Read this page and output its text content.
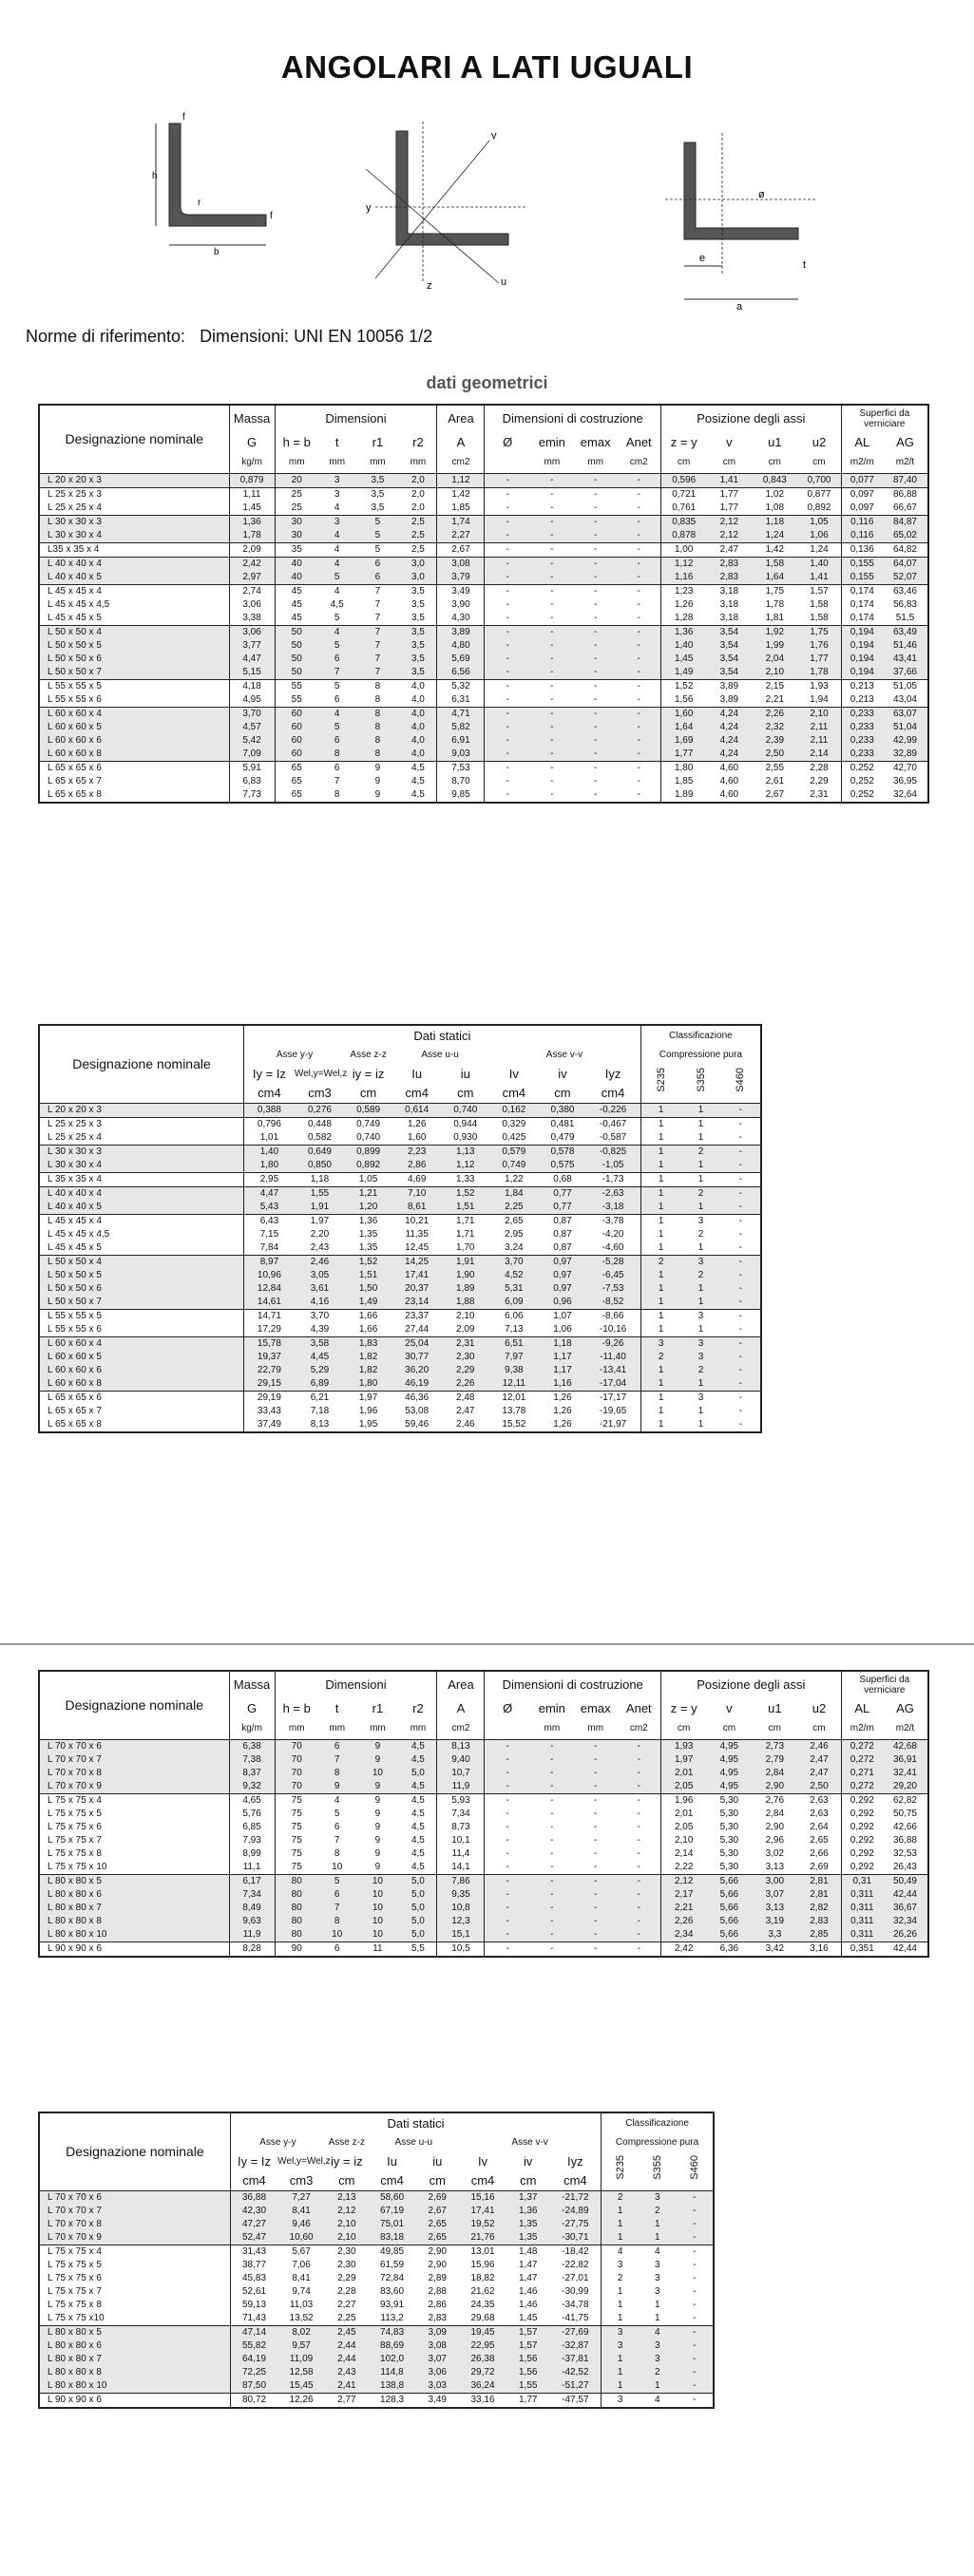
ANGOLARI A LATI UGUALI
h
f
r
f
b
y
z
v
u
a
e
ø
t
Norme di riferimento: Dimensioni: UNI EN 10056 1/2
dati geometrici
Designazione nominale	Massa	Dimensioni				Area	Dimensioni di costruzione				Posizione degli assi				Superfici da verniciare	
	G	h = b	t	r1	r2	A	Ø	emin	emax	Anet	z = y	v	u1	u2	AL	AG
	kg/m	mm	mm	mm	mm	cm2		mm	mm	cm2	cm	cm	cm	cm	m2/m	m2/t
L 20 x 20 x 3	0,879	20	3	3,5	2,0	1,12	-	-	-	-	0,596	1,41	0,843	0,700	0,077	87,40
L 25 x 25 x 3	1,11	25	3	3,5	2,0	1,42	-	-	-	-	0,721	1,77	1,02	0,877	0,097	86,88
L 25 x 25 x 4	1,45	25	4	3,5	2,0	1,85	-	-	-	-	0,761	1,77	1,08	0,892	0,097	66,67
L 30 x 30 x 3	1,36	30	3	5	2,5	1,74	-	-	-	-	0,835	2,12	1,18	1,05	0,116	84,87
L 30 x 30 x 4	1,78	30	4	5	2,5	2,27	-	-	-	-	0,878	2,12	1,24	1,06	0,116	65,02
L35 x 35 x 4	2,09	35	4	5	2,5	2,67	-	-	-	-	1,00	2,47	1,42	1,24	0,136	64,82
L 40 x 40 x 4	2,42	40	4	6	3,0	3,08	-	-	-	-	1,12	2,83	1,58	1,40	0,155	64,07
L 40 x 40 x 5	2,97	40	5	6	3,0	3,79	-	-	-	-	1,16	2,83	1,64	1,41	0,155	52,07
L 45 x 45 x 4	2,74	45	4	7	3,5	3,49	-	-	-	-	1,23	3,18	1,75	1,57	0,174	63,46
L 45 x 45 x 4,5	3,06	45	4,5	7	3,5	3,90	-	-	-	-	1,26	3,18	1,78	1,58	0,174	56,83
L 45 x 45 x 5	3,38	45	5	7	3,5	4,30	-	-	-	-	1,28	3,18	1,81	1,58	0,174	51,5
L 50 x 50 x 4	3,06	50	4	7	3,5	3,89	-	-	-	-	1,36	3,54	1,92	1,75	0,194	63,49
L 50 x 50 x 5	3,77	50	5	7	3,5	4,80	-	-	-	-	1,40	3,54	1,99	1,76	0,194	51,46
L 50 x 50 x 6	4,47	50	6	7	3,5	5,69	-	-	-	-	1,45	3,54	2,04	1,77	0,194	43,41
L 50 x 50 x 7	5,15	50	7	7	3,5	6,56	-	-	-	-	1,49	3,54	2,10	1,78	0,194	37,66
L 55 x 55 x 5	4,18	55	5	8	4,0	5,32	-	-	-	-	1,52	3,89	2,15	1,93	0,213	51,05
L 55 x 55 x 6	4,95	55	6	8	4,0	6,31	-	-	-	-	1,56	3,89	2,21	1,94	0,213	43,04
L 60 x 60 x 4	3,70	60	4	8	4,0	4,71	-	-	-	-	1,60	4,24	2,26	2,10	0,233	63,07
L 60 x 60 x 5	4,57	60	5	8	4,0	5,82	-	-	-	-	1,64	4,24	2,32	2,11	0,233	51,04
L 60 x 60 x 6	5,42	60	6	8	4,0	6,91	-	-	-	-	1,69	4,24	2,39	2,11	0,233	42,99
L 60 x 60 x 8	7,09	60	8	8	4,0	9,03	-	-	-	-	1,77	4,24	2,50	2,14	0,233	32,89
L 65 x 65 x 6	5,91	65	6	9	4,5	7,53	-	-	-	-	1,80	4,60	2,55	2,28	0,252	42,70
L 65 x 65 x 7	6,83	65	7	9	4,5	8,70	-	-	-	-	1,85	4,60	2,61	2,29	0,252	36,95
L 65 x 65 x 8	7,73	65	8	9	4,5	9,85	-	-	-	-	1,89	4,60	2,67	2,31	0,252	32,64
Designazione nominale	Dati statici								Classificazione		
	Asse y-y		Asse z-z	Asse u-u		Asse v-v			Compressione pura		
	Iy = Iz	Wel,y=Wel,z	iy = iz	Iu	iu	Iv	iv	Iyz	S235	S355	S460
	cm4	cm3	cm	cm4	cm	cm4	cm	cm4			
L 20 x 20 x 3	0,388	0,276	0,589	0,614	0,740	0,162	0,380	-0,226	1	1	-
L 25 x 25 x 3	0,796	0,448	0,749	1,26	0,944	0,329	0,481	-0,467	1	1	-
L 25 x 25 x 4	1,01	0,582	0,740	1,60	0,930	0,425	0,479	-0,587	1	1	-
L 30 x 30 x 3	1,40	0,649	0,899	2,23	1,13	0,579	0,578	-0,825	1	2	-
L 30 x 30 x 4	1,80	0,850	0,892	2,86	1,12	0,749	0,575	-1,05	1	1	-
L 35 x 35 x 4	2,95	1,18	1,05	4,69	1,33	1,22	0,68	-1,73	1	1	-
L 40 x 40 x 4	4,47	1,55	1,21	7,10	1,52	1,84	0,77	-2,63	1	2	-
L 40 x 40 x 5	5,43	1,91	1,20	8,61	1,51	2,25	0,77	-3,18	1	1	-
L 45 x 45 x 4	6,43	1,97	1,36	10,21	1,71	2,65	0,87	-3,78	1	3	-
L 45 x 45 x 4,5	7,15	2,20	1,35	11,35	1,71	2,95	0,87	-4,20	1	2	-
L 45 x 45 x 5	7,84	2,43	1,35	12,45	1,70	3,24	0,87	-4,60	1	1	-
L 50 x 50 x 4	8,97	2,46	1,52	14,25	1,91	3,70	0,97	-5,28	2	3	-
L 50 x 50 x 5	10,96	3,05	1,51	17,41	1,90	4,52	0,97	-6,45	1	2	-
L 50 x 50 x 6	12,84	3,61	1,50	20,37	1,89	5,31	0,97	-7,53	1	1	-
L 50 x 50 x 7	14,61	4,16	1,49	23,14	1,88	6,09	0,96	-8,52	1	1	-
L 55 x 55 x 5	14,71	3,70	1,66	23,37	2,10	6,06	1,07	-8,66	1	3	-
L 55 x 55 x 6	17,29	4,39	1,66	27,44	2,09	7,13	1,06	-10,16	1	1	-
L 60 x 60 x 4	15,78	3,58	1,83	25,04	2,31	6,51	1,18	-9,26	3	3	-
L 60 x 60 x 5	19,37	4,45	1,82	30,77	2,30	7,97	1,17	-11,40	2	3	-
L 60 x 60 x 6	22,79	5,29	1,82	36,20	2,29	9,38	1,17	-13,41	1	2	-
L 60 x 60 x 8	29,15	6,89	1,80	46,19	2,26	12,11	1,16	-17,04	1	1	-
L 65 x 65 x 6	29,19	6,21	1,97	46,36	2,48	12,01	1,26	-17,17	1	3	-
L 65 x 65 x 7	33,43	7,18	1,96	53,08	2,47	13,78	1,26	-19,65	1	1	-
L 65 x 65 x 8	37,49	8,13	1,95	59,46	2,46	15,52	1,26	-21,97	1	1	-
Designazione nominale	Massa	Dimensioni				Area	Dimensioni di costruzione				Posizione degli assi				Superfici da verniciare	
	G	h = b	t	r1	r2	A	Ø	emin	emax	Anet	z = y	v	u1	u2	AL	AG
	kg/m	mm	mm	mm	mm	cm2		mm	mm	cm2	cm	cm	cm	cm	m2/m	m2/t
L 70 x 70 x 6	6,38	70	6	9	4,5	8,13	-	-	-	-	1,93	4,95	2,73	2,46	0,272	42,68
L 70 x 70 x 7	7,38	70	7	9	4,5	9,40	-	-	-	-	1,97	4,95	2,79	2,47	0,272	36,91
L 70 x 70 x 8	8,37	70	8	10	5,0	10,7	-	-	-	-	2,01	4,95	2,84	2,47	0,271	32,41
L 70 x 70 x 9	9,32	70	9	9	4,5	11,9	-	-	-	-	2,05	4,95	2,90	2,50	0,272	29,20
L 75 x 75 x 4	4,65	75	4	9	4,5	5,93	-	-	-	-	1,96	5,30	2,76	2,63	0,292	62,82
L 75 x 75 x 5	5,76	75	5	9	4,5	7,34	-	-	-	-	2,01	5,30	2,84	2,63	0,292	50,75
L 75 x 75 x 6	6,85	75	6	9	4,5	8,73	-	-	-	-	2,05	5,30	2,90	2,64	0,292	42,66
L 75 x 75 x 7	7,93	75	7	9	4,5	10,1	-	-	-	-	2,10	5,30	2,96	2,65	0,292	36,88
L 75 x 75 x 8	8,99	75	8	9	4,5	11,4	-	-	-	-	2,14	5,30	3,02	2,66	0,292	32,53
L 75 x 75 x 10	11,1	75	10	9	4,5	14,1	-	-	-	-	2,22	5,30	3,13	2,69	0,292	26,43
L 80 x 80 x 5	6,17	80	5	10	5,0	7,86	-	-	-	-	2,12	5,66	3,00	2,81	0,31	50,49
L 80 x 80 x 6	7,34	80	6	10	5,0	9,35	-	-	-	-	2,17	5,66	3,07	2,81	0,311	42,44
L 80 x 80 x 7	8,49	80	7	10	5,0	10,8	-	-	-	-	2,21	5,66	3,13	2,82	0,311	36,67
L 80 x 80 x 8	9,63	80	8	10	5,0	12,3	-	-	-	-	2,26	5,66	3,19	2,83	0,311	32,34
L 80 x 80 x 10	11,9	80	10	10	5,0	15,1	-	-	-	-	2,34	5,66	3,3	2,85	0,311	26,26
L 90 x 90 x 6	8,28	90	6	11	5,5	10,5	-	-	-	-	2,42	6,36	3,42	3,16	0,351	42,44
Designazione nominale	Dati statici								Classificazione		
	Asse y-y		Asse z-z	Asse u-u		Asse v-v			Compressione pura		
	Iy = Iz	Wel,y=Wel,z	iy = iz	Iu	iu	Iv	iv	Iyz	S235	S355	S460
	cm4	cm3	cm	cm4	cm	cm4	cm	cm4			
L 70 x 70 x 6	36,88	7,27	2,13	58,60	2,69	15,16	1,37	-21,72	2	3	-
L 70 x 70 x 7	42,30	8,41	2,12	67,19	2,67	17,41	1,36	-24,89	1	2	-
L 70 x 70 x 8	47,27	9,46	2,10	75,01	2,65	19,52	1,35	-27,75	1	1	-
L 70 x 70 x 9	52,47	10,60	2,10	83,18	2,65	21,76	1,35	-30,71	1	1	-
L 75 x 75 x 4	31,43	5,67	2,30	49,85	2,90	13,01	1,48	-18,42	4	4	-
L 75 x 75 x 5	38,77	7,06	2,30	61,59	2,90	15,96	1,47	-22,82	3	3	-
L 75 x 75 x 6	45,83	8,41	2,29	72,84	2,89	18,82	1,47	-27,01	2	3	-
L 75 x 75 x 7	52,61	9,74	2,28	83,60	2,88	21,62	1,46	-30,99	1	3	-
L 75 x 75 x 8	59,13	11,03	2,27	93,91	2,86	24,35	1,46	-34,78	1	1	-
L 75 x 75 x10	71,43	13,52	2,25	113,2	2,83	29,68	1,45	-41,75	1	1	-
L 80 x 80 x 5	47,14	8,02	2,45	74,83	3,09	19,45	1,57	-27,69	3	4	-
L 80 x 80 x 6	55,82	9,57	2,44	88,69	3,08	22,95	1,57	-32,87	3	3	-
L 80 x 80 x 7	64,19	11,09	2,44	102,0	3,07	26,38	1,56	-37,81	1	3	-
L 80 x 80 x 8	72,25	12,58	2,43	114,8	3,06	29,72	1,56	-42,52	1	2	-
L 80 x 80 x 10	87,50	15,45	2,41	138,8	3,03	36,24	1,55	-51,27	1	1	-
L 90 x 90 x 6	80,72	12,26	2,77	128,3	3,49	33,16	1,77	-47,57	3	4	-
